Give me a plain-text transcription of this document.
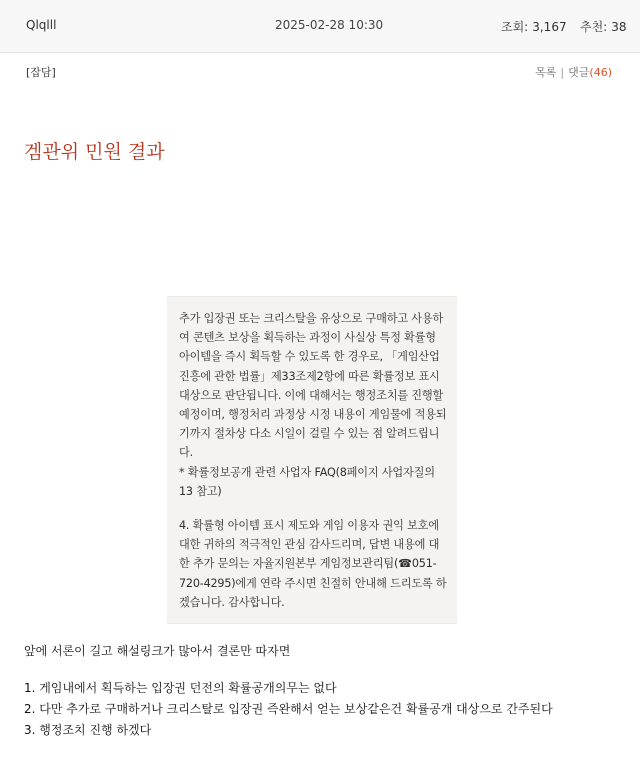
Qlqlll	2025-02-28 10:30	조회: 3,167 추천: 38
[잡담]	목록 | 댓글(46)
겜관위 민원 결과

추가 입장권 또는 크리스탈을 유상으로 구매하고 사용하여 콘텐츠 보상을 획득하는 과정이 사실상 특정 확률형 아이템을 즉시 획득할 수 있도록 한 경우로, 「게임산업진흥에 관한 법률」제33조제2항에 따른 확률정보 표시 대상으로 판단됩니다. 이에 대해서는 행정조치를 진행할 예정이며, 행정처리 과정상 시정 내용이 게임물에 적용되기까지 절차상 다소 시일이 걸릴 수 있는 점 알려드립니다.
* 확률정보공개 관련 사업자 FAQ(8페이지 사업자질의13 참고)

4. 확률형 아이템 표시 제도와 게임 이용자 권익 보호에 대한 귀하의 적극적인 관심 감사드리며, 답변 내용에 대한 추가 문의는 자율지원본부 게임정보관리팀(☎051-720-4295)에게 연락 주시면 친절히 안내해 드리도록 하겠습니다. 감사합니다.

앞에 서론이 길고 해설링크가 많아서 결론만 따자면

1. 게임내에서 획득하는 입장권 던전의 확률공개의무는 없다

2. 다만 추가로 구매하거나 크리스탈로 입장권 즉완해서 얻는 보상같은건 확률공개 대상으로 간주된다

3. 행정조치 진행 하겠다
